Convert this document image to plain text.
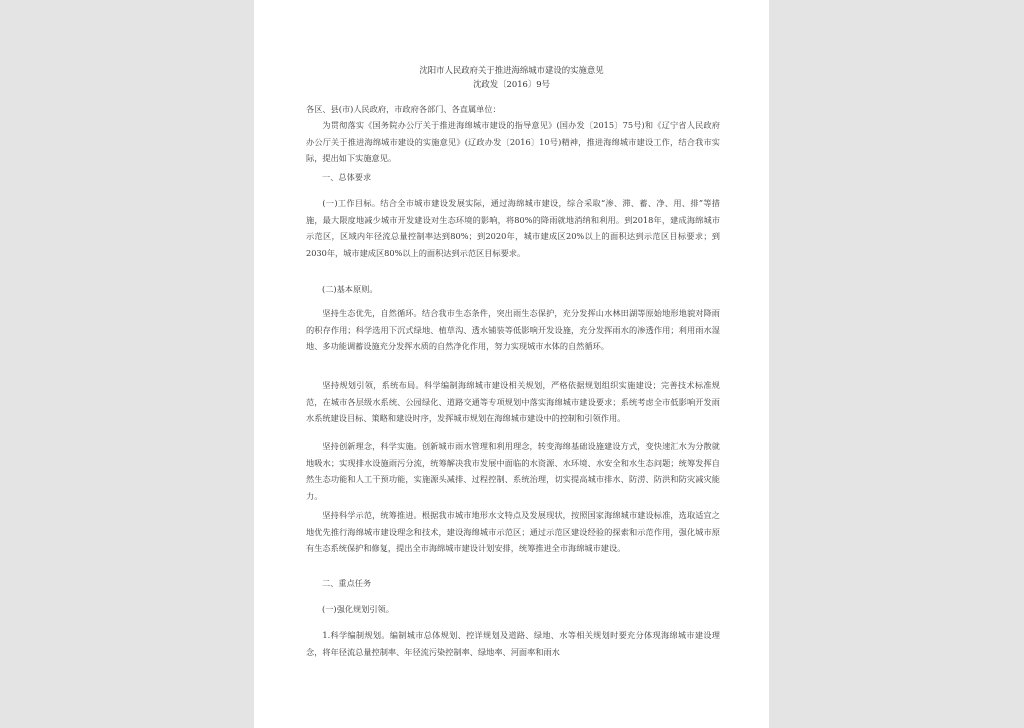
沈阳市人民政府关于推进海绵城市建设的实施意见
沈政发〔2016〕9号

各区、县(市)人民政府，市政府各部门、各直属单位：

为贯彻落实《国务院办公厅关于推进海绵城市建设的指导意见》(国办发〔2015〕75号)和《辽宁省人民政府办公厅关于推进海绵城市建设的实施意见》(辽政办发〔2016〕10号)精神，推进海绵城市建设工作，结合我市实际，提出如下实施意见。

一、总体要求

(一)工作目标。结合全市城市建设发展实际，通过海绵城市建设，综合采取“渗、滞、蓄、净、用、排”等措施，最大限度地减少城市开发建设对生态环境的影响，将80%的降雨就地消纳和利用。到2018年，建成海绵城市示范区，区域内年径流总量控制率达到80%；到2020年，城市建成区20%以上的面积达到示范区目标要求；到2030年，城市建成区80%以上的面积达到示范区目标要求。

(二)基本原则。

坚持生态优先，自然循环。结合我市生态条件，突出雨生态保护，充分发挥山水林田湖等原始地形地貌对降雨的积存作用；科学选用下沉式绿地、植草沟、透水铺装等低影响开发设施，充分发挥雨水的渗透作用；利用雨水湿地、多功能调蓄设施充分发挥水质的自然净化作用，努力实现城市水体的自然循环。

坚持规划引领，系统布局。科学编制海绵城市建设相关规划，严格依据规划组织实施建设；完善技术标准规范，在城市各层级水系统、公园绿化、道路交通等专项规划中落实海绵城市建设要求；系统考虑全市低影响开发雨水系统建设目标、策略和建设时序，发挥城市规划在海绵城市建设中的控制和引领作用。

坚持创新理念，科学实施。创新城市雨水管理和利用理念，转变海绵基础设施建设方式，变快速汇水为分散就地吸水；实现排水设施雨污分流，统筹解决我市发展中面临的水资源、水环境、水安全和水生态问题；统筹发挥自然生态功能和人工干预功能，实施源头减排、过程控制、系统治理，切实提高城市排水、防涝、防洪和防灾减灾能力。

坚持科学示范，统筹推进。根据我市城市地形水文特点及发展现状，按照国家海绵城市建设标准，选取适宜之地优先推行海绵城市建设理念和技术，建设海绵城市示范区；通过示范区建设经验的探索和示范作用，强化城市原有生态系统保护和修复，提出全市海绵城市建设计划安排，统筹推进全市海绵城市建设。

二、重点任务

(一)强化规划引领。

1.科学编制规划。编制城市总体规划、控详规划及道路、绿地、水等相关规划时要充分体现海绵城市建设理念，将年径流总量控制率、年径流污染控制率、绿地率、河面率和雨水
